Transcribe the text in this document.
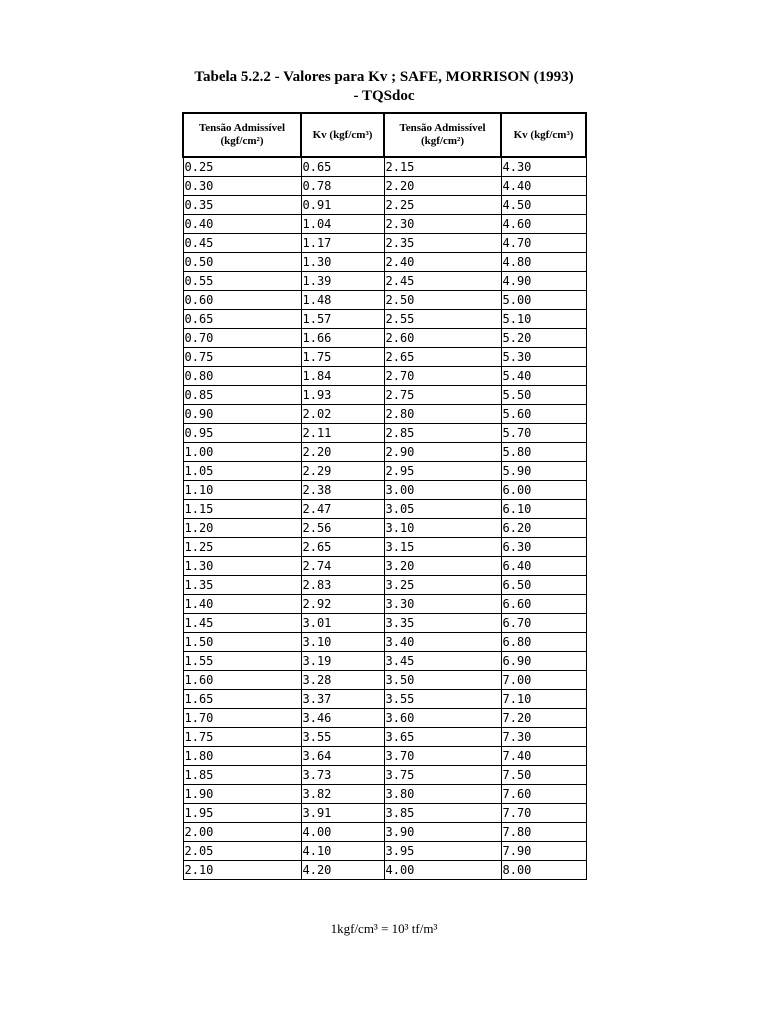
Tabela 5.2.2 - Valores para Kv ; SAFE, MORRISON (1993)
- TQSdoc
Tensão Admissível (kgf/cm²)	Kv (kgf/cm³)	Tensão Admissível (kgf/cm²)	Kv (kgf/cm³)
0.25	0.65	2.15	4.30
0.30	0.78	2.20	4.40
0.35	0.91	2.25	4.50
0.40	1.04	2.30	4.60
0.45	1.17	2.35	4.70
0.50	1.30	2.40	4.80
0.55	1.39	2.45	4.90
0.60	1.48	2.50	5.00
0.65	1.57	2.55	5.10
0.70	1.66	2.60	5.20
0.75	1.75	2.65	5.30
0.80	1.84	2.70	5.40
0.85	1.93	2.75	5.50
0.90	2.02	2.80	5.60
0.95	2.11	2.85	5.70
1.00	2.20	2.90	5.80
1.05	2.29	2.95	5.90
1.10	2.38	3.00	6.00
1.15	2.47	3.05	6.10
1.20	2.56	3.10	6.20
1.25	2.65	3.15	6.30
1.30	2.74	3.20	6.40
1.35	2.83	3.25	6.50
1.40	2.92	3.30	6.60
1.45	3.01	3.35	6.70
1.50	3.10	3.40	6.80
1.55	3.19	3.45	6.90
1.60	3.28	3.50	7.00
1.65	3.37	3.55	7.10
1.70	3.46	3.60	7.20
1.75	3.55	3.65	7.30
1.80	3.64	3.70	7.40
1.85	3.73	3.75	7.50
1.90	3.82	3.80	7.60
1.95	3.91	3.85	7.70
2.00	4.00	3.90	7.80
2.05	4.10	3.95	7.90
2.10	4.20	4.00	8.00
1kgf/cm³ = 10³ tf/m³
